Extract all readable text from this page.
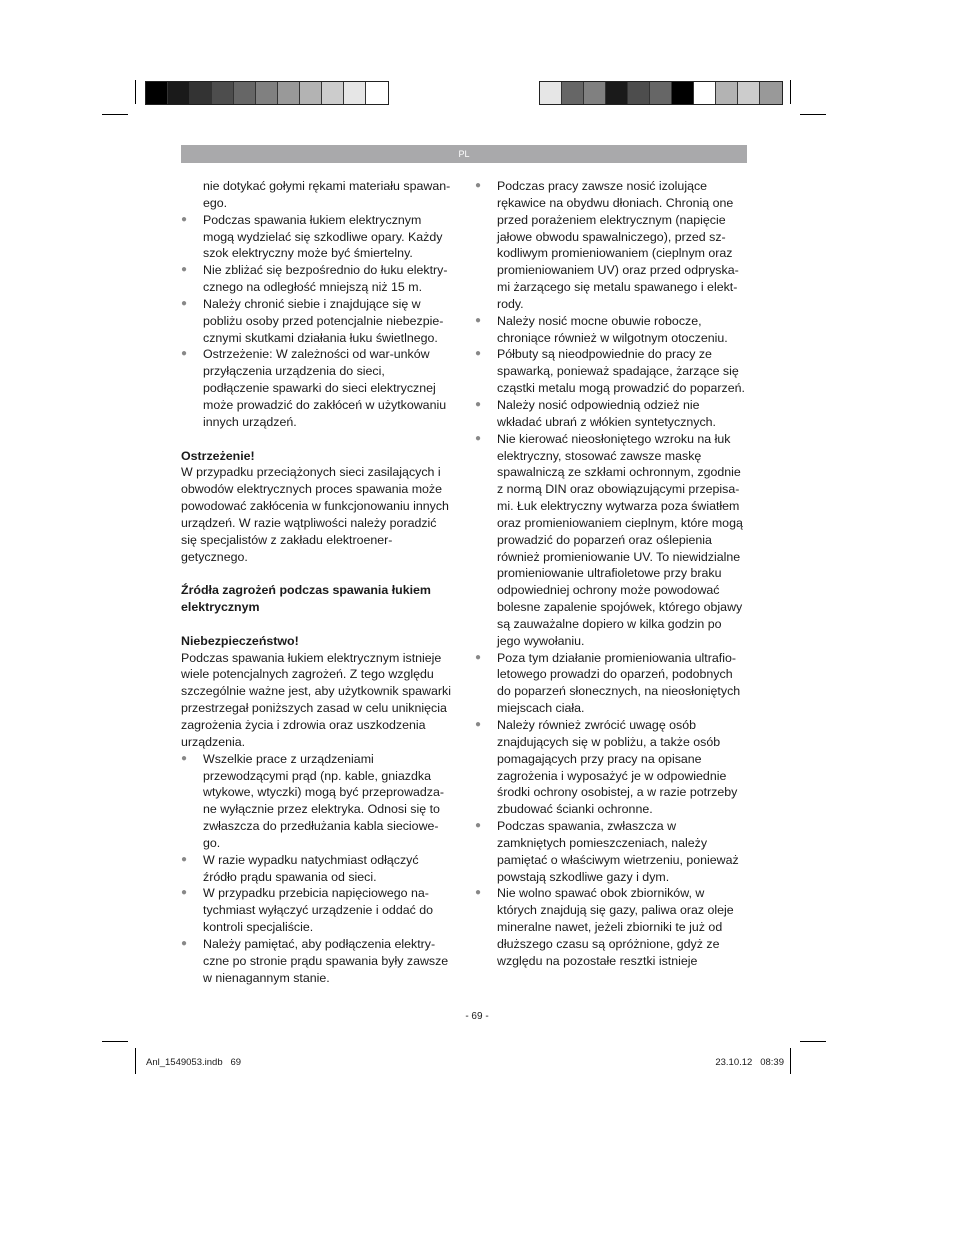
PL

nie dotykać gołymi rękami materiału spawan-ego.

● Podczas spawania łukiem elektrycznym mogą wydzielać się szkodliwe opary. Każdy szok elektryczny może być śmiertelny.
● Nie zbliżać się bezpośrednio do łuku elektry-cznego na odległość mniejszą niż 15 m.
● Należy chronić siebie i znajdujące się w pobliżu osoby przed potencjalnie niebezpie-cznymi skutkami działania łuku świetlnego.
● Ostrzeżenie: W zależności od war-unków przyłączenia urządzenia do sieci, podłączenie spawarki do sieci elektrycznej może prowadzić do zakłóceń w użytkowaniu innych urządzeń.
Ostrzeżenie!

W przypadku przeciążonych sieci zasilających i obwodów elektrycznych proces spawania może powodować zakłócenia w funkcjonowaniu innych urządzeń. W razie wątpliwości należy poradzić się specjalistów z zakładu elektroener-getycznego.

Źródła zagrożeń podczas spawania łukiem elektrycznym
Niebezpieczeństwo!

Podczas spawania łukiem elektrycznym istnieje wiele potencjalnych zagrożeń. Z tego względu szczególnie ważne jest, aby użytkownik spawarki przestrzegał poniższych zasad w celu uniknięcia zagrożenia życia i zdrowia oraz uszkodzenia urządzenia.

● Wszelkie prace z urządzeniami przewodzącymi prąd (np. kable, gniazdka wtykowe, wtyczki) mogą być przeprowadza-ne wyłącznie przez elektryka. Odnosi się to zwłaszcza do przedłużania kabla sieciowe-go.
● W razie wypadku natychmiast odłączyć źródło prądu spawania od sieci.
● W przypadku przebicia napięciowego na-tychmiast wyłączyć urządzenie i oddać do kontroli specjaliście.
● Należy pamiętać, aby podłączenia elektry-czne po stronie prądu spawania były zawsze w nienagannym stanie.
● Podczas pracy zawsze nosić izolujące rękawice na obydwu dłoniach. Chronią one przed porażeniem elektrycznym (napięcie jałowe obwodu spawalniczego), przed sz-kodliwym promieniowaniem (cieplnym oraz promieniowaniem UV) oraz przed odpryska-mi żarzącego się metalu spawanego i elekt-rody.
● Należy nosić mocne obuwie robocze, chroniące również w wilgotnym otoczeniu.
● Półbuty są nieodpowiednie do pracy ze spawarką, ponieważ spadające, żarzące się cząstki metalu mogą prowadzić do poparzeń.
● Należy nosić odpowiednią odzież nie wkładać ubrań z włókien syntetycznych.
● Nie kierować nieosłoniętego wzroku na łuk elektryczny, stosować zawsze maskę spawalniczą ze szkłami ochronnym, zgodnie z normą DIN oraz obowiązującymi przepisa-mi. Łuk elektryczny wytwarza poza światłem oraz promieniowaniem cieplnym, które mogą prowadzić do poparzeń oraz oślepienia również promieniowanie UV. To niewidzialne promieniowanie ultrafioletowe przy braku odpowiedniej ochrony może powodować bolesne zapalenie spojówek, którego objawy są zauważalne dopiero w kilka godzin po jego wywołaniu.
● Poza tym działanie promieniowania ultrafio-letowego prowadzi do oparzeń, podobnych do poparzeń słonecznych, na nieosłoniętych miejscach ciała.
● Należy również zwrócić uwagę osób znajdujących się w pobliżu, a także osób pomagających przy pracy na opisane zagrożenia i wyposażyć je w odpowiednie środki ochrony osobistej, a w razie potrzeby zbudować ścianki ochronne.
● Podczas spawania, zwłaszcza w zamkniętych pomieszczeniach, należy pamiętać o właściwym wietrzeniu, ponieważ powstają szkodliwe gazy i dym.
● Nie wolno spawać obok zbiorników, w których znajdują się gazy, paliwa oraz oleje mineralne nawet, jeżeli zbiorniki te już od dłuższego czasu są opróżnione, gdyż ze względu na pozostałe resztki istnieje
- 69 -
Anl_1549053.indb   69	23.10.12   08:39
